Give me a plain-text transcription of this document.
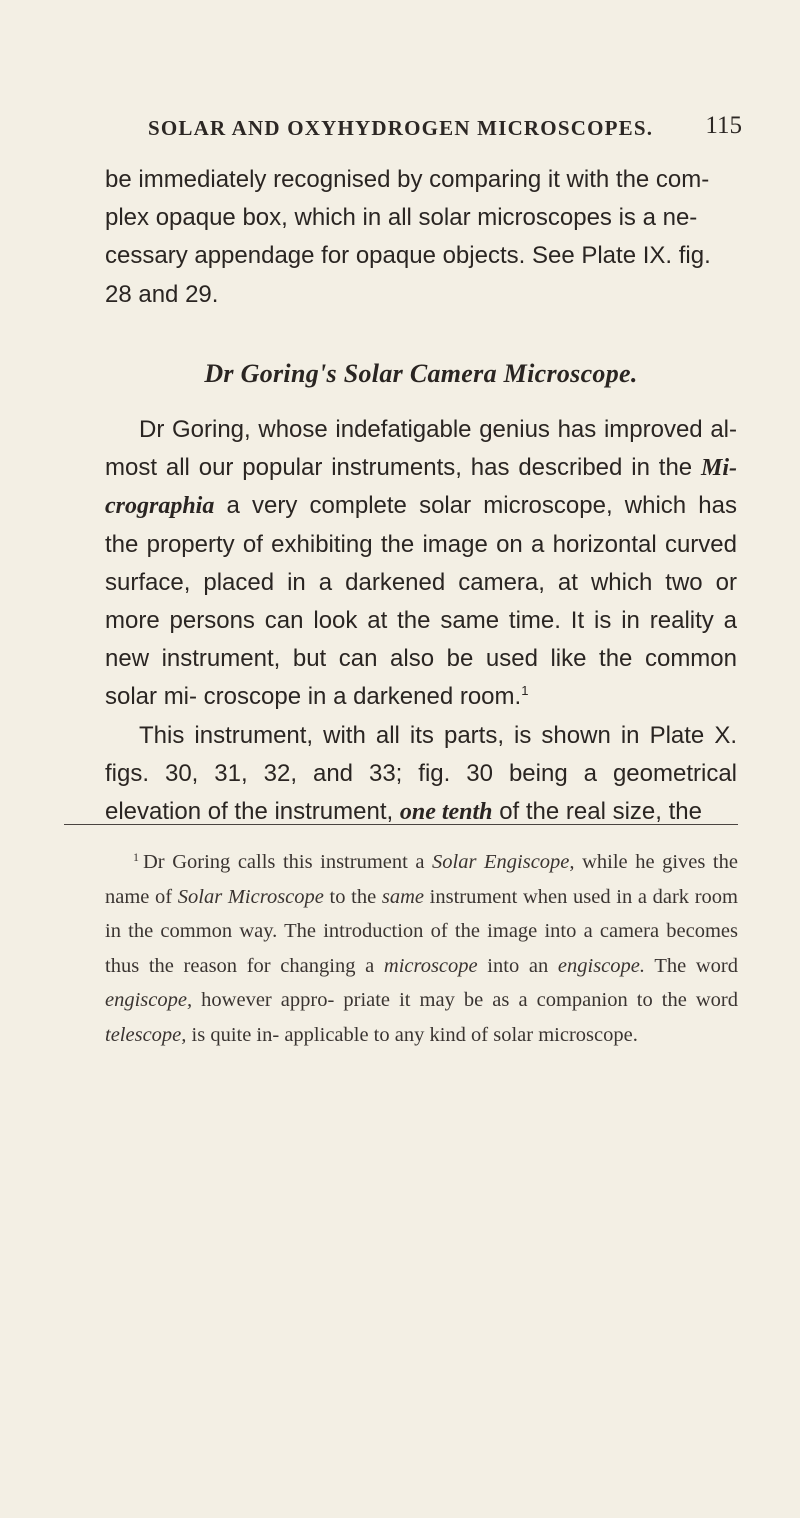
SOLAR AND OXYHYDROGEN MICROSCOPES. 115

be immediately recognised by comparing it with the com- plex opaque box, which in all solar microscopes is a ne- cessary appendage for opaque objects. See Plate IX. fig. 28 and 29.

Dr Goring's Solar Camera Microscope.

Dr Goring, whose indefatigable genius has improved al- most all our popular instruments, has described in the Mi- crographia a very complete solar microscope, which has the property of exhibiting the image on a horizontal curved surface, placed in a darkened camera, at which two or more persons can look at the same time. It is in reality a new instrument, but can also be used like the common solar mi- croscope in a darkened room.$^1$

This instrument, with all its parts, is shown in Plate X. figs. 30, 31, 32, and 33; fig. 30 being a geometrical elevation of the instrument, one tenth of the real size, the

$^1$ Dr Goring calls this instrument a Solar Engiscope, while he gives the name of Solar Microscope to the same instrument when used in a dark room in the common way. The introduction of the image into a camera becomes thus the reason for changing a microscope into an engiscope. The word engiscope, however appro- priate it may be as a companion to the word telescope, is quite in- applicable to any kind of solar microscope.
